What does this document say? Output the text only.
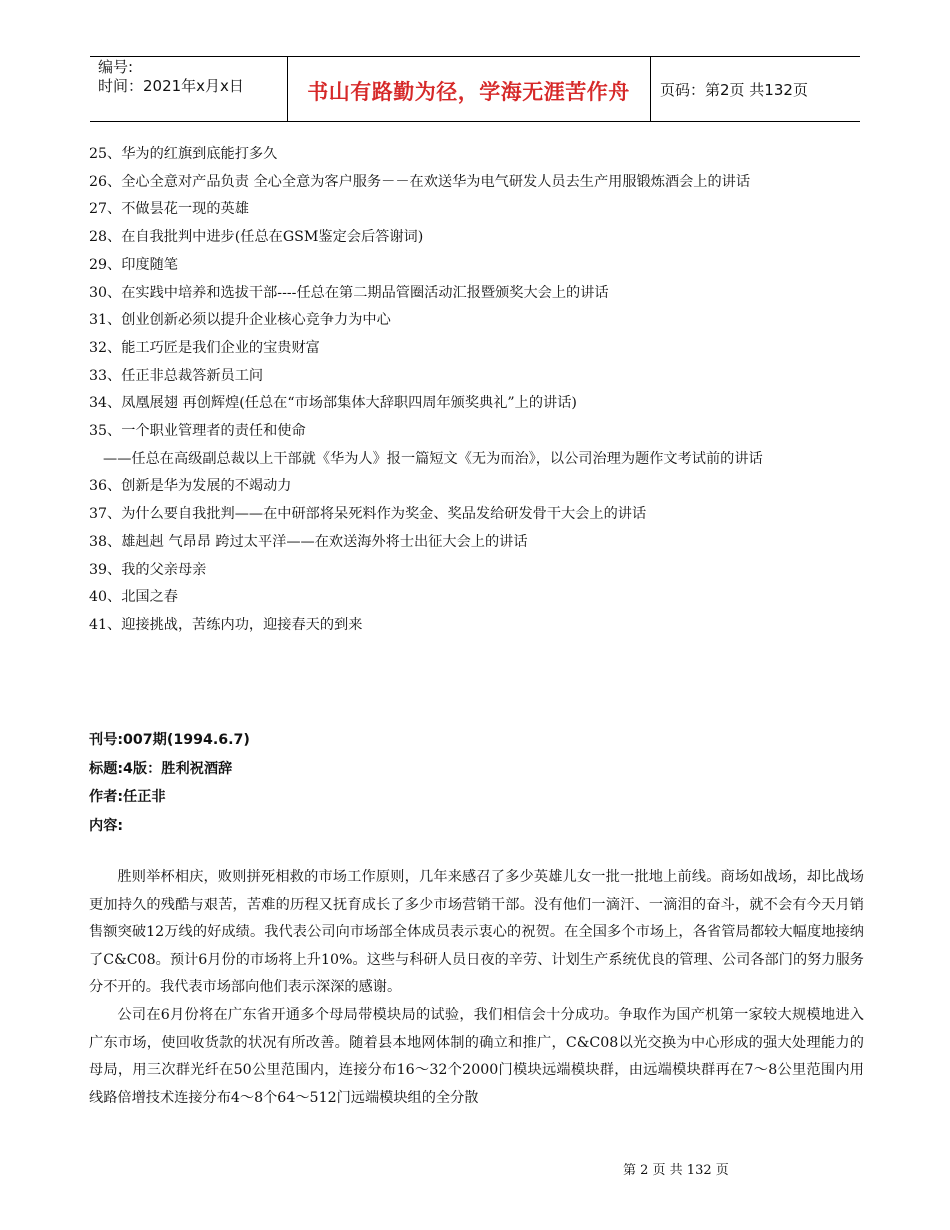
编号:
时间：2021年x月x日	书山有路勤为径，学海无涯苦作舟	页码：第2页 共132页
25、华为的红旗到底能打多久
26、全心全意对产品负责 全心全意为客户服务－－在欢送华为电气研发人员去生产用服锻炼酒会上的讲话
27、不做昙花一现的英雄
28、在自我批判中进步(任总在GSM鉴定会后答谢词)
29、印度随笔
30、在实践中培养和选拔干部----任总在第二期品管圈活动汇报暨颁奖大会上的讲话
31、创业创新必须以提升企业核心竞争力为中心
32、能工巧匠是我们企业的宝贵财富
33、任正非总裁答新员工问
34、凤凰展翅 再创辉煌(任总在“市场部集体大辞职四周年颁奖典礼”上的讲话)
35、一个职业管理者的责任和使命
——任总在高级副总裁以上干部就《华为人》报一篇短文《无为而治》，以公司治理为题作文考试前的讲话
36、创新是华为发展的不竭动力
37、为什么要自我批判——在中研部将呆死料作为奖金、奖品发给研发骨干大会上的讲话
38、雄赳赳 气昂昂 跨过太平洋——在欢送海外将士出征大会上的讲话
39、我的父亲母亲
40、北国之春
41、迎接挑战，苦练内功，迎接春天的到来
刊号:007期(1994.6.7)
标题:4版：胜利祝酒辞
作者:任正非
内容:

胜则举杯相庆，败则拼死相救的市场工作原则，几年来感召了多少英雄儿女一批一批地上前线。商场如战场，却比战场更加持久的残酷与艰苦，苦难的历程又抚育成长了多少市场营销干部。没有他们一滴汗、一滴泪的奋斗，就不会有今天月销售额突破12万线的好成绩。我代表公司向市场部全体成员表示衷心的祝贺。在全国多个市场上，各省管局都较大幅度地接纳了C&C08。预计6月份的市场将上升10%。这些与科研人员日夜的辛劳、计划生产系统优良的管理、公司各部门的努力服务分不开的。我代表市场部向他们表示深深的感谢。

公司在6月份将在广东省开通多个母局带模块局的试验，我们相信会十分成功。争取作为国产机第一家较大规模地进入广东市场，使回收货款的状况有所改善。随着县本地网体制的确立和推广，C&C08以光交换为中心形成的强大处理能力的母局，用三次群光纤在50公里范围内，连接分布16～32个2000门模块远端模块群，由远端模块群再在7～8公里范围内用线路倍增技术连接分布4～8个64～512门远端模块组的全分散

第 2 页 共 132 页
